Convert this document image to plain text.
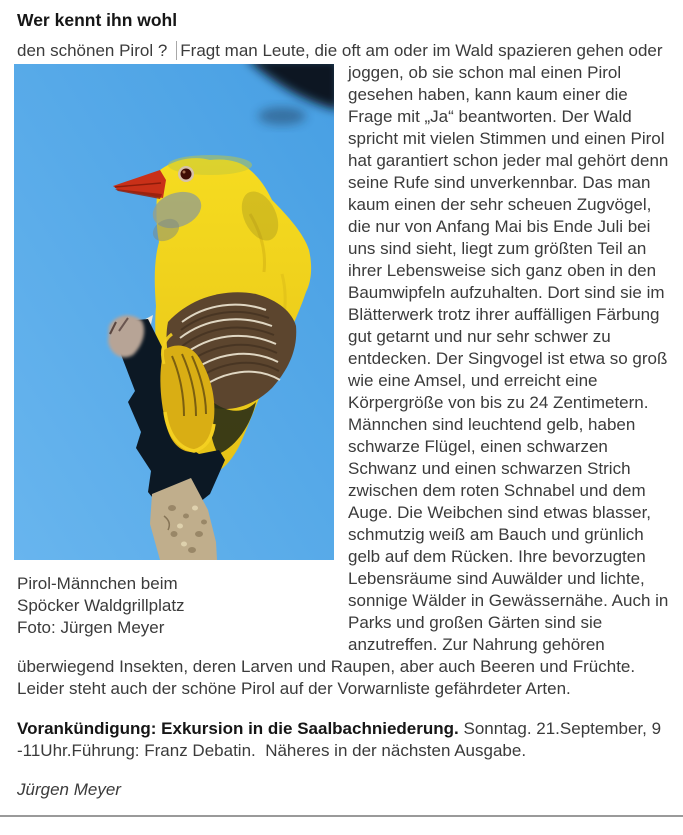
Wer kennt ihn wohl

den schönen Pirol ? Fragt man Leute, die oft am oder im Wald spazieren gehen oder

Pirol-Männchen beim
Spöcker Waldgrillplatz
Foto: Jürgen Meyer

joggen, ob sie schon mal einen Pirol gesehen haben, kann kaum einer die Frage mit „Ja“ beantworten. Der Wald spricht mit vielen Stimmen und einen Pirol hat garantiert schon jeder mal gehört denn seine Rufe sind unverkennbar. Das man kaum einen der sehr scheuen Zugvögel, die nur von Anfang Mai bis Ende Juli bei uns sind sieht, liegt zum größten Teil an ihrer Lebensweise sich ganz oben in den Baumwipfeln aufzuhalten. Dort sind sie im Blätterwerk trotz ihrer auffälligen Färbung gut getarnt und nur sehr schwer zu entdecken. Der Singvogel ist etwa so groß wie eine Amsel, und erreicht eine Körpergröße von bis zu 24 Zentimetern. Männchen sind leuchtend gelb, haben schwarze Flügel, einen schwarzen Schwanz und einen schwarzen Strich zwischen dem roten Schnabel und dem Auge. Die Weibchen sind etwas blasser, schmutzig weiß am Bauch und grünlich gelb auf dem Rücken. Ihre bevorzugten Lebensräume sind Auwälder und lichte, sonnige Wälder in Gewässernähe. Auch in Parks und großen Gärten sind sie anzutreffen. Zur Nahrung gehören überwiegend Insekten, deren Larven und Raupen, aber auch Beeren und Früchte. Leider steht auch der schöne Pirol auf der Vorwarnliste gefährdeter Arten.

Vorankündigung: Exkursion in die Saalbachniederung. Sonntag. 21.September, 9 -11Uhr.Führung: Franz Debatin.  Näheres in der nächsten Ausgabe.

Jürgen Meyer
